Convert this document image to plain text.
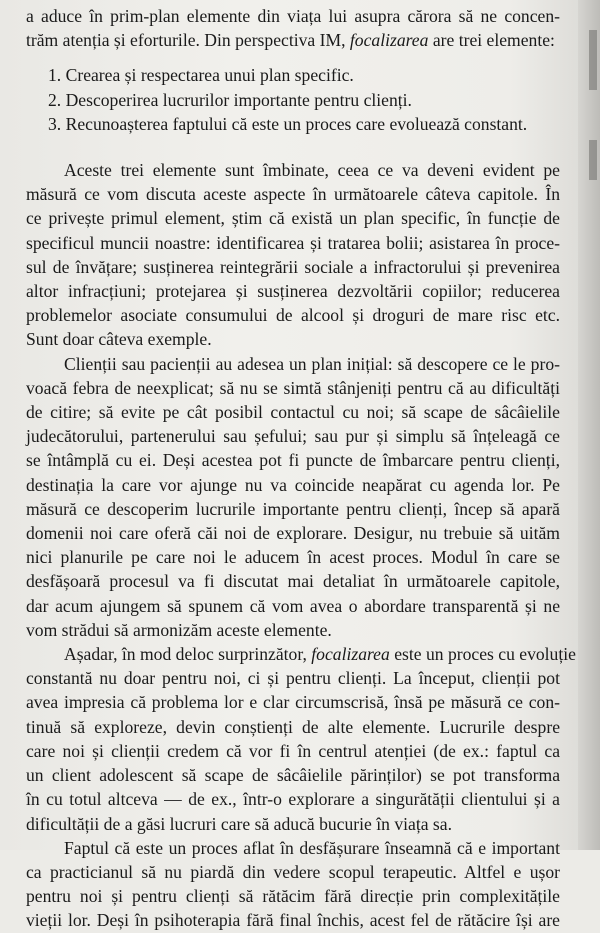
a aduce în prim-plan elemente din viața lui asupra cărora să ne concen-
trăm atenția și eforturile. Din perspectiva IM, focalizarea are trei elemente:
1. Crearea și respectarea unui plan specific.
2. Descoperirea lucrurilor importante pentru clienți.
3. Recunoașterea faptului că este un proces care evoluează constant.
Aceste trei elemente sunt îmbinate, ceea ce va deveni evident pe
măsură ce vom discuta aceste aspecte în următoarele câteva capitole. În
ce privește primul element, știm că există un plan specific, în funcție de
specificul muncii noastre: identificarea și tratarea bolii; asistarea în proce-
sul de învățare; susținerea reintegrării sociale a infractorului și prevenirea
altor infracțiuni; protejarea și susținerea dezvoltării copiilor; reducerea
problemelor asociate consumului de alcool și droguri de mare risc etc.
Sunt doar câteva exemple.
Clienții sau pacienții au adesea un plan inițial: să descopere ce le pro-
voacă febra de neexplicat; să nu se simtă stânjeniți pentru că au dificultăți
de citire; să evite pe cât posibil contactul cu noi; să scape de sâcâielile
judecătorului, partenerului sau șefului; sau pur și simplu să înțeleagă ce
se întâmplă cu ei. Deși acestea pot fi puncte de îmbarcare pentru clienți,
destinația la care vor ajunge nu va coincide neapărat cu agenda lor. Pe
măsură ce descoperim lucrurile importante pentru clienți, încep să apară
domenii noi care oferă căi noi de explorare. Desigur, nu trebuie să uităm
nici planurile pe care noi le aducem în acest proces. Modul în care se
desfășoară procesul va fi discutat mai detaliat în următoarele capitole,
dar acum ajungem să spunem că vom avea o abordare transparentă și ne
vom strădui să armonizăm aceste elemente.
Așadar, în mod deloc surprinzător, focalizarea este un proces cu evoluție
constantă nu doar pentru noi, ci și pentru clienți. La început, clienții pot
avea impresia că problema lor e clar circumscrisă, însă pe măsură ce con-
tinuă să exploreze, devin conștienți de alte elemente. Lucrurile despre
care noi și clienții credem că vor fi în centrul atenției (de ex.: faptul ca
un client adolescent să scape de sâcâielile părinților) se pot transforma
în cu totul altceva — de ex., într-o explorare a singurătății clientului și a
dificultății de a găsi lucruri care să aducă bucurie în viața sa.
Faptul că este un proces aflat în desfășurare înseamnă că e important
ca practicianul să nu piardă din vedere scopul terapeutic. Altfel e ușor
pentru noi și pentru clienți să rătăcim fără direcție prin complexitățile
vieții lor. Deși în psihoterapia fără final închis, acest fel de rătăcire își are
